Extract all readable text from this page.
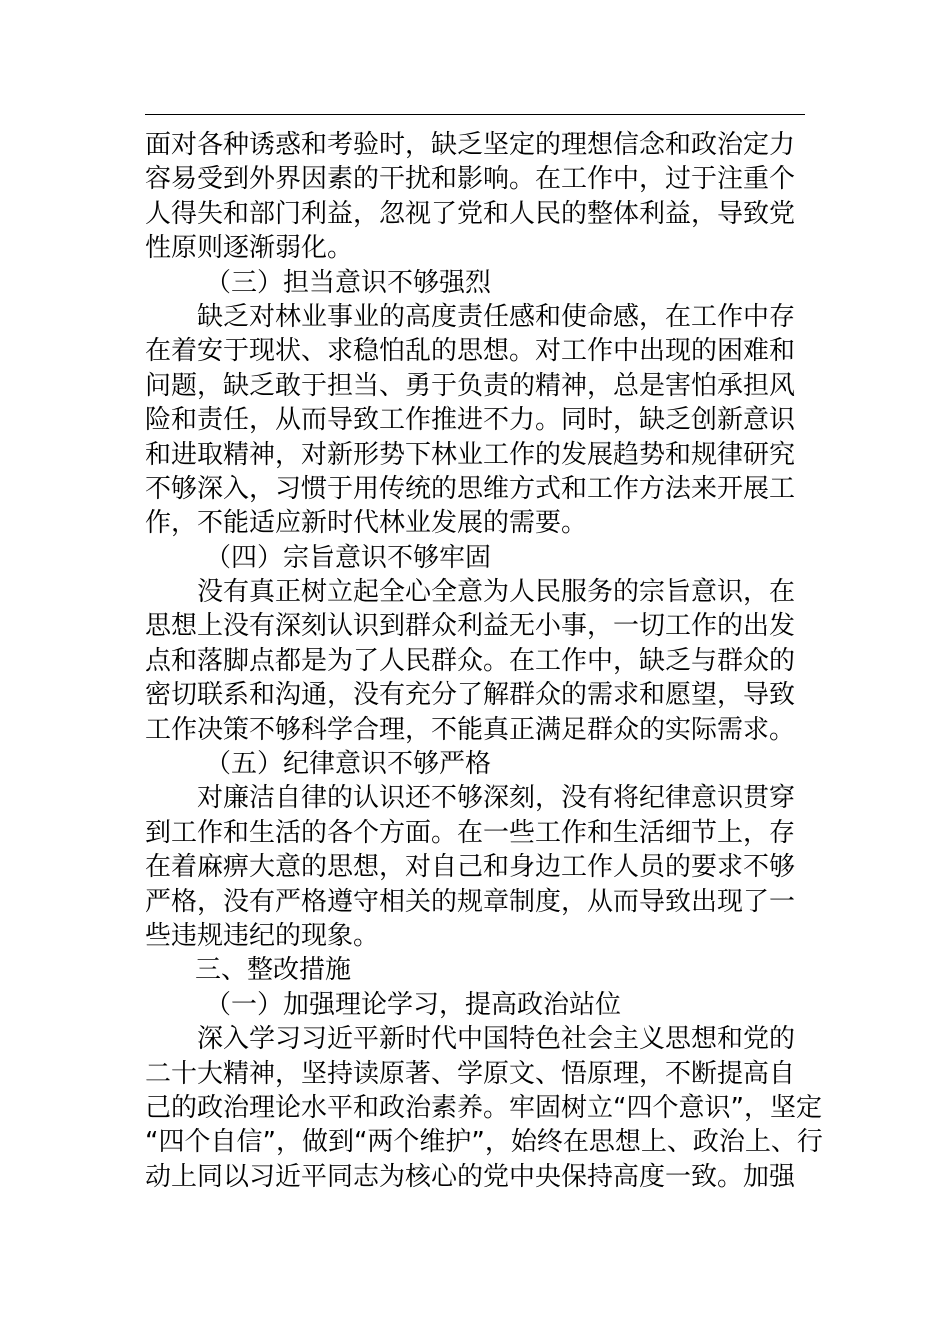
面对各种诱惑和考验时，缺乏坚定的理想信念和政治定力
容易受到外界因素的干扰和影响。在工作中，过于注重个
人得失和部门利益，忽视了党和人民的整体利益，导致党
性原则逐渐弱化。
（三）担当意识不够强烈
　　缺乏对林业事业的高度责任感和使命感，在工作中存
在着安于现状、求稳怕乱的思想。对工作中出现的困难和
问题，缺乏敢于担当、勇于负责的精神，总是害怕承担风
险和责任，从而导致工作推进不力。同时，缺乏创新意识
和进取精神，对新形势下林业工作的发展趋势和规律研究
不够深入，习惯于用传统的思维方式和工作方法来开展工
作，不能适应新时代林业发展的需要。
（四）宗旨意识不够牢固
　　没有真正树立起全心全意为人民服务的宗旨意识，在
思想上没有深刻认识到群众利益无小事，一切工作的出发
点和落脚点都是为了人民群众。在工作中，缺乏与群众的
密切联系和沟通，没有充分了解群众的需求和愿望，导致
工作决策不够科学合理，不能真正满足群众的实际需求。
（五）纪律意识不够严格
　　对廉洁自律的认识还不够深刻，没有将纪律意识贯穿
到工作和生活的各个方面。在一些工作和生活细节上，存
在着麻痹大意的思想，对自己和身边工作人员的要求不够
严格，没有严格遵守相关的规章制度，从而导致出现了一
些违规违纪的现象。
三、整改措施
（一）加强理论学习，提高政治站位
　　深入学习习近平新时代中国特色社会主义思想和党的
二十大精神，坚持读原著、学原文、悟原理，不断提高自
己的政治理论水平和政治素养。牢固树立“四个意识”，坚定
“四个自信”，做到“两个维护”，始终在思想上、政治上、行
动上同以习近平同志为核心的党中央保持高度一致。加强
